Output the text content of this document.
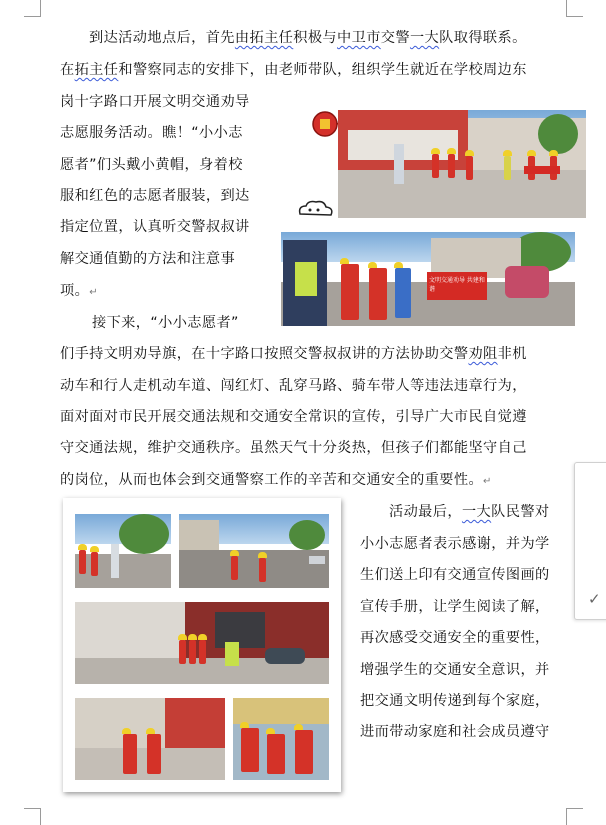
到达活动地点后，首先由拓主任积极与中卫市交警一大队取得联系。
在拓主任和警察同志的安排下，由老师带队，组织学生就近在学校周边东
岗十字路口开展文明交通劝导
志愿服务活动。瞧！“小小志
愿者”们头戴小黄帽，身着校
服和红色的志愿者服装，到达
指定位置，认真听交警叔叔讲
解交通值勤的方法和注意事
项。↵
文明交通劝导 共建和谐
接下来，“小小志愿者”
们手持文明劝导旗，在十字路口按照交警叔叔讲的方法协助交警劝阻非机
动车和行人走机动车道、闯红灯、乱穿马路、骑车带人等违法违章行为，
面对面对市民开展交通法规和交通安全常识的宣传，引导广大市民自觉遵
守交通法规，维护交通秩序。虽然天气十分炎热，但孩子们都能坚守自己
的岗位，从而也体会到交通警察工作的辛苦和交通安全的重要性。↵
活动最后，一大队民警对
小小志愿者表示感谢，并为学
生们送上印有交通宣传图画的
宣传手册，让学生阅读了解，
再次感受交通安全的重要性，
增强学生的交通安全意识，并
把交通文明传递到每个家庭，
进而带动家庭和社会成员遵守
✓
